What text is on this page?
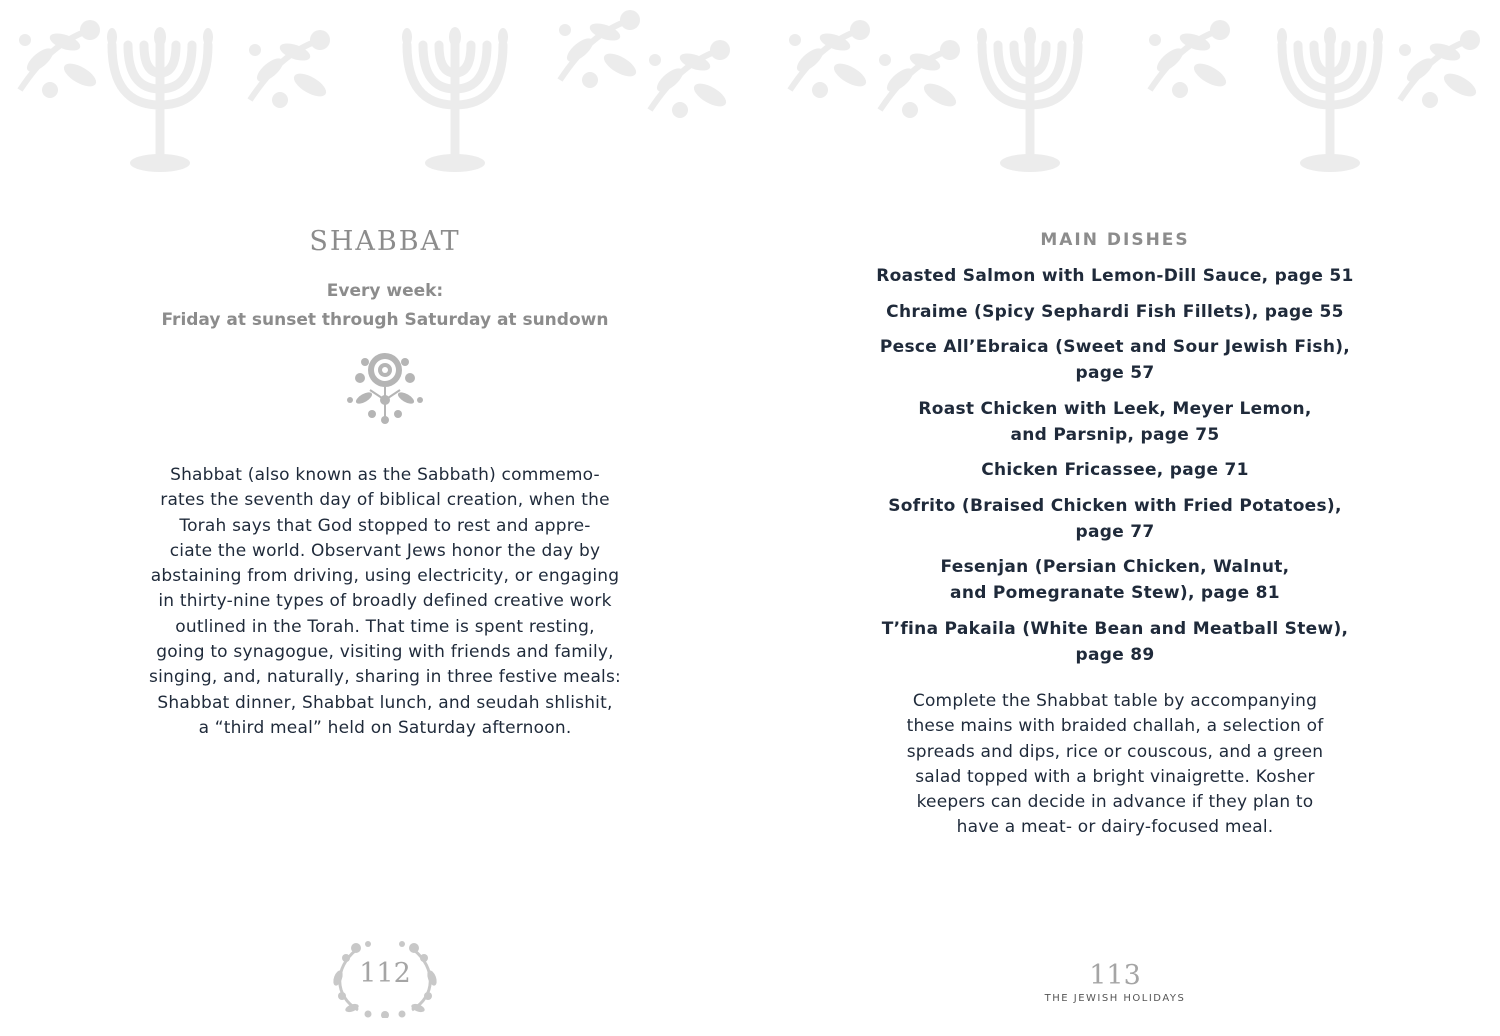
SHABBAT
Every week:
Friday at sunset through Saturday at sundown
Shabbat (also known as the Sabbath) commemo-
rates the seventh day of biblical creation, when the
Torah says that God stopped to rest and appre-
ciate the world. Observant Jews honor the day by
abstaining from driving, using electricity, or engaging
in thirty-nine types of broadly defined creative work
outlined in the Torah. That time is spent resting,
going to synagogue, visiting with friends and family,
singing, and, naturally, sharing in three festive meals:
Shabbat dinner, Shabbat lunch, and seudah shlishit,
a “third meal” held on Saturday afternoon.
112
MAIN DISHES
Roasted Salmon with Lemon-Dill Sauce, page 51
Chraime (Spicy Sephardi Fish Fillets), page 55
Pesce All’Ebraica (Sweet and Sour Jewish Fish),
page 57
Roast Chicken with Leek, Meyer Lemon,
and Parsnip, page 75
Chicken Fricassee, page 71
Sofrito (Braised Chicken with Fried Potatoes),
page 77
Fesenjan (Persian Chicken, Walnut,
and Pomegranate Stew), page 81
T’fina Pakaila (White Bean and Meatball Stew),
page 89
Complete the Shabbat table by accompanying
these mains with braided challah, a selection of
spreads and dips, rice or couscous, and a green
salad topped with a bright vinaigrette. Kosher
keepers can decide in advance if they plan to
have a meat- or dairy-focused meal.
113
THE JEWISH HOLIDAYS
